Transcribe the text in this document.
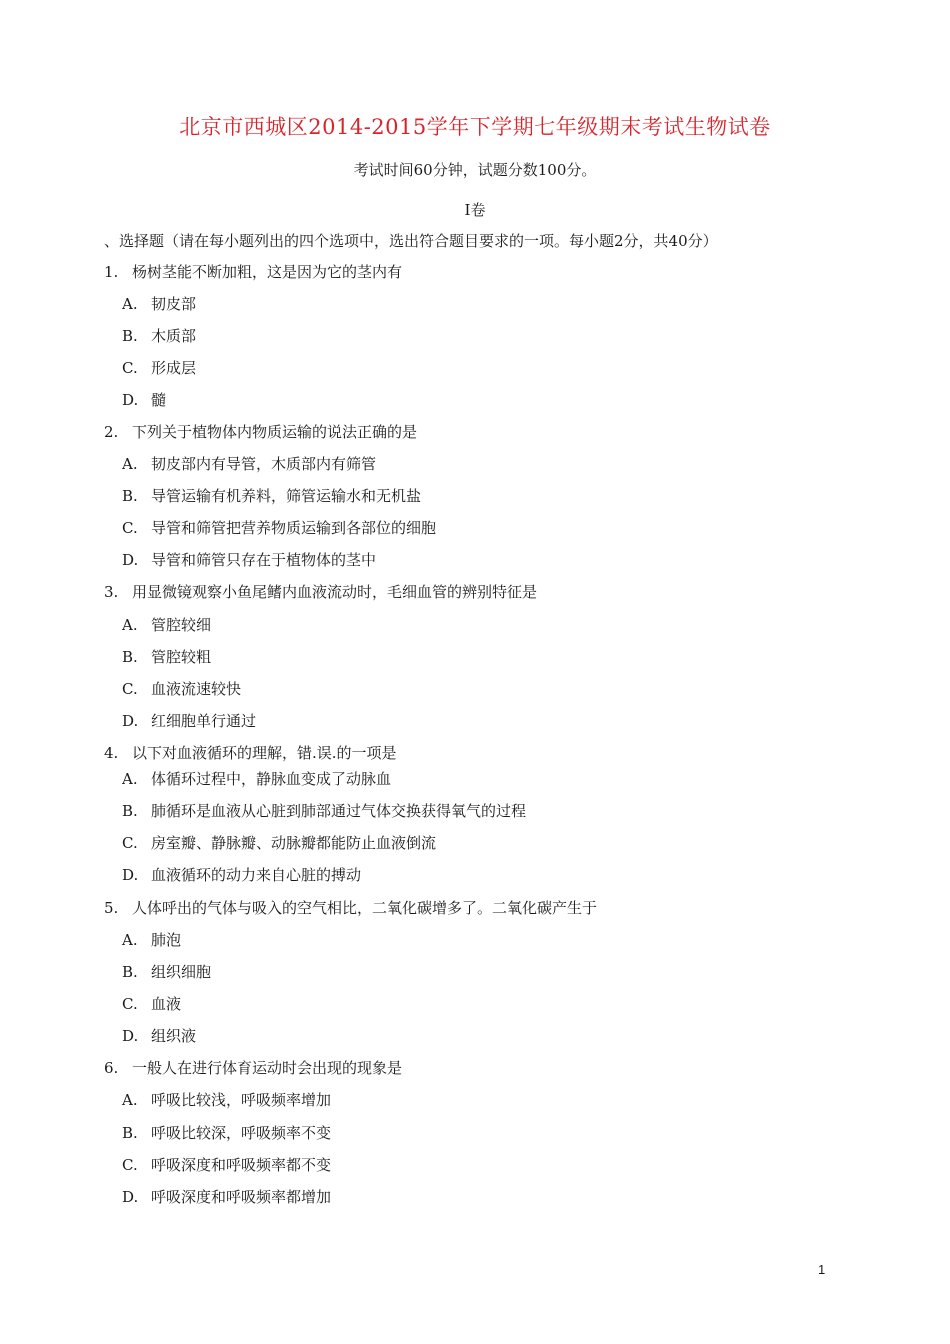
北京市西城区2014-2015学年下学期七年级期末考试生物试卷
考试时间60分钟，试题分数100分。
I卷
、选择题（请在每小题列出的四个选项中，选出符合题目要求的一项。每小题2分，共40分）
1. 杨树茎能不断加粗，这是因为它的茎内有
A. 韧皮部
B. 木质部
C. 形成层
D. 髓
2. 下列关于植物体内物质运输的说法正确的是
A. 韧皮部内有导管，木质部内有筛管
B. 导管运输有机养料，筛管运输水和无机盐
C. 导管和筛管把营养物质运输到各部位的细胞
D. 导管和筛管只存在于植物体的茎中
3. 用显微镜观察小鱼尾鳍内血液流动时，毛细血管的辨别特征是
A. 管腔较细
B. 管腔较粗
C. 血液流速较快
D. 红细胞单行通过
4. 以下对血液循环的理解，错.误.的一项是
A. 体循环过程中，静脉血变成了动脉血
B. 肺循环是血液从心脏到肺部通过气体交换获得氧气的过程
C. 房室瓣、静脉瓣、动脉瓣都能防止血液倒流
D. 血液循环的动力来自心脏的搏动
5. 人体呼出的气体与吸入的空气相比，二氧化碳增多了。二氧化碳产生于
A. 肺泡
B. 组织细胞
C. 血液
D. 组织液
6. 一般人在进行体育运动时会出现的现象是
A. 呼吸比较浅，呼吸频率增加
B. 呼吸比较深，呼吸频率不变
C. 呼吸深度和呼吸频率都不变
D. 呼吸深度和呼吸频率都增加
1
